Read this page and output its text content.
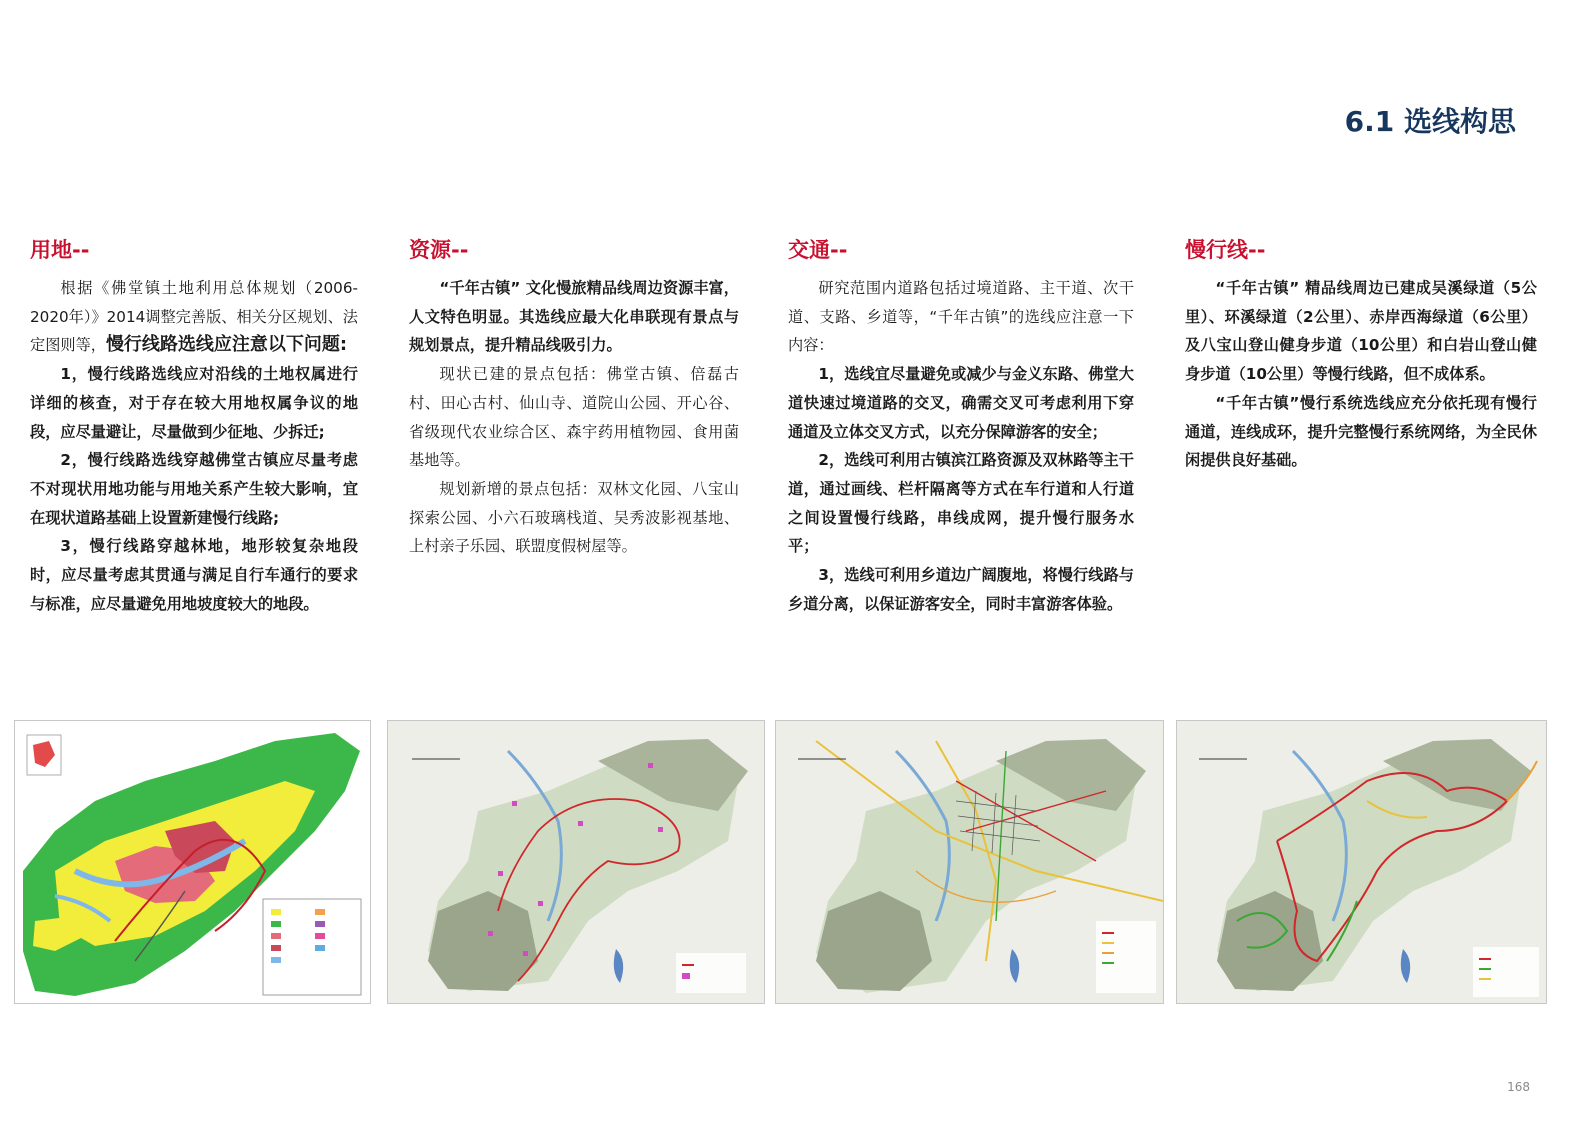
6.1 选线构思
用地--

根据《佛堂镇土地利用总体规划（2006-2020年）》2014调整完善版、相关分区规划、法定图则等，慢行线路选线应注意以下问题:

1，慢行线路选线应对沿线的土地权属进行详细的核查，对于存在较大用地权属争议的地段，应尽量避让，尽量做到少征地、少拆迁;

2，慢行线路选线穿越佛堂古镇应尽量考虑不对现状用地功能与用地关系产生较大影响，宜在现状道路基础上设置新建慢行线路;

3，慢行线路穿越林地，地形较复杂地段时，应尽量考虑其贯通与满足自行车通行的要求与标准，应尽量避免用地坡度较大的地段。

资源--

“千年古镇” 文化慢旅精品线周边资源丰富，人文特色明显。其选线应最大化串联现有景点与规划景点，提升精品线吸引力。

现状已建的景点包括：佛堂古镇、倍磊古村、田心古村、仙山寺、道院山公园、开心谷、省级现代农业综合区、森宇药用植物园、食用菌基地等。

规划新增的景点包括：双林文化园、八宝山探索公园、小六石玻璃栈道、吴秀波影视基地、上村亲子乐园、联盟度假树屋等。

交通--

研究范围内道路包括过境道路、主干道、次干道、支路、乡道等，“千年古镇”的选线应注意一下内容：

1，选线宜尽量避免或减少与金义东路、佛堂大道快速过境道路的交叉，确需交叉可考虑利用下穿通道及立体交叉方式，以充分保障游客的安全；

2，选线可利用古镇滨江路资源及双林路等主干道，通过画线、栏杆隔离等方式在车行道和人行道之间设置慢行线路，串线成网，提升慢行服务水平；

3，选线可利用乡道边广阔腹地，将慢行线路与乡道分离，以保证游客安全，同时丰富游客体验。

慢行线--

“千年古镇” 精品线周边已建成吴溪绿道（5公里）、环溪绿道（2公里）、赤岸西海绿道（6公里）及八宝山登山健身步道（10公里）和白岩山登山健身步道（10公里）等慢行线路，但不成体系。

“千年古镇”慢行系统选线应充分依托现有慢行通道，连线成环，提升完整慢行系统网络，为全民休闲提供良好基础。

168
